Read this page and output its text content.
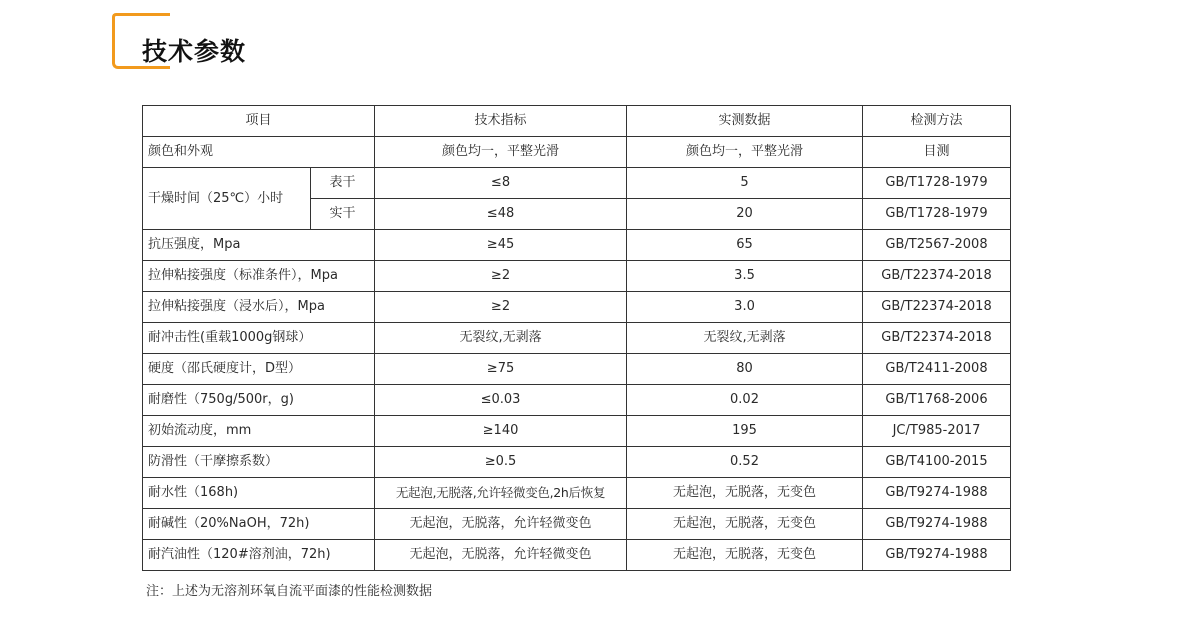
技术参数
项目		技术指标	实测数据	检测方法
颜色和外观		颜色均一，平整光滑	颜色均一，平整光滑	目测
干燥时间（25℃）小时	表干	≤8	5	GB/T1728-1979
	实干	≤48	20	GB/T1728-1979
抗压强度，Mpa		≥45	65	GB/T2567-2008
拉伸粘接强度（标准条件），Mpa		≥2	3.5	GB/T22374-2018
拉伸粘接强度（浸水后），Mpa		≥2	3.0	GB/T22374-2018
耐冲击性(重载1000g钢球）		无裂纹,无剥落	无裂纹,无剥落	GB/T22374-2018
硬度（邵氏硬度计，D型）		≥75	80	GB/T2411-2008
耐磨性（750g/500r，g)		≤0.03	0.02	GB/T1768-2006
初始流动度，mm		≥140	195	JC/T985-2017
防滑性（干摩擦系数）		≥0.5	0.52	GB/T4100-2015
耐水性（168h)		无起泡,无脱落,允许轻微变色,2h后恢复	无起泡，无脱落，无变色	GB/T9274-1988
耐碱性（20%NaOH，72h)		无起泡，无脱落，允许轻微变色	无起泡，无脱落，无变色	GB/T9274-1988
耐汽油性（120#溶剂油，72h)		无起泡，无脱落，允许轻微变色	无起泡，无脱落，无变色	GB/T9274-1988
注：上述为无溶剂环氧自流平面漆的性能检测数据
